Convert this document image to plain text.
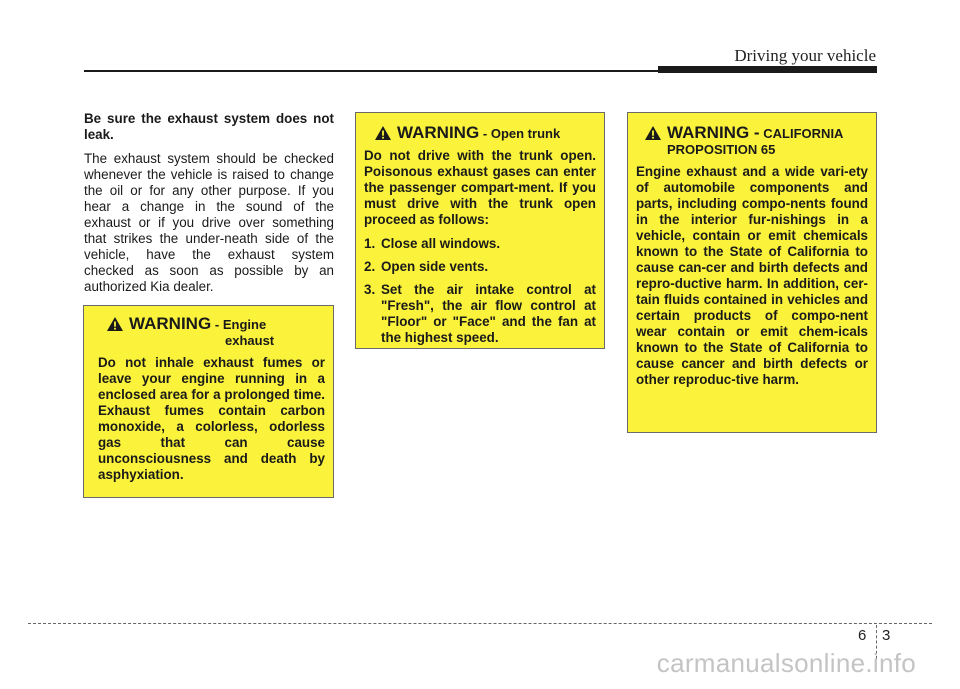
Driving your vehicle

Be sure the exhaust system does not leak.

The exhaust system should be checked whenever the vehicle is raised to change the oil or for any other purpose. If you hear a change in the sound of the exhaust or if you drive over something that strikes the under-neath side of the vehicle, have the exhaust system checked as soon as possible by an authorized Kia dealer.

WARNING - Engine
exhaust

Do not inhale exhaust fumes or leave your engine running in a enclosed area for a prolonged time. Exhaust fumes contain carbon monoxide, a colorless, odorless gas that can cause unconsciousness and death by asphyxiation.

WARNING - Open trunk

Do not drive with the trunk open. Poisonous exhaust gases can enter the passenger compart-ment. If you must drive with the trunk open proceed as follows:

1. Close all windows.
2. Open side vents.
3. Set the air intake control at "Fresh", the air flow control at "Floor" or "Face" and the fan at the highest speed.
WARNING - CALIFORNIA
PROPOSITION 65

Engine exhaust and a wide vari-ety of automobile components and parts, including compo-nents found in the interior fur-nishings in a vehicle, contain or emit chemicals known to the State of California to cause can-cer and birth defects and repro-ductive harm. In addition, cer-tain fluids contained in vehicles and certain products of compo-nent wear contain or emit chem-icals known to the State of California to cause cancer and birth defects or other reproduc-tive harm.

6 3
carmanualsonline.info
